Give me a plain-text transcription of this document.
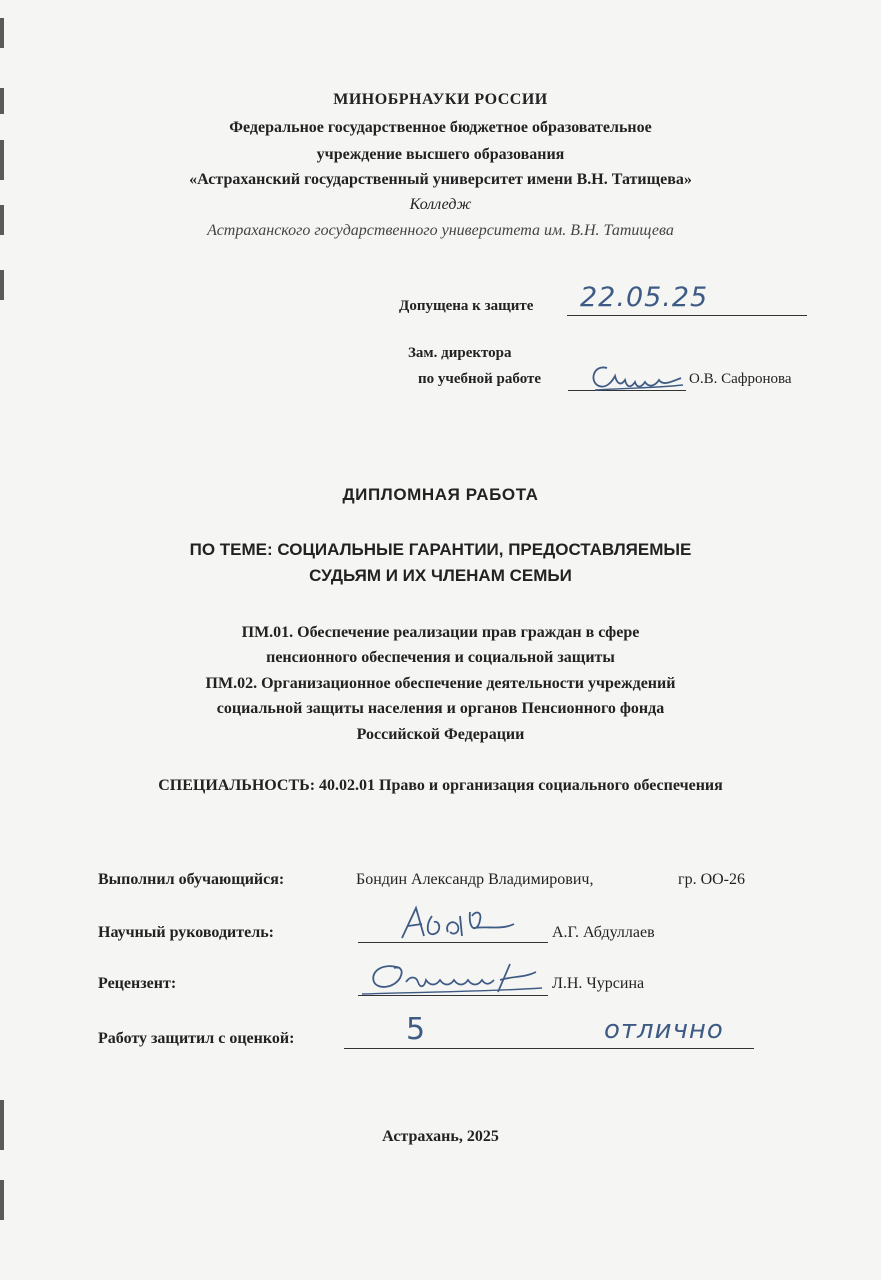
МИНОБРНАУКИ РОССИИ
Федеральное государственное бюджетное образовательное
учреждение высшего образования
«Астраханский государственный университет имени В.Н. Татищева»
Колледж
Астраханского государственного университета им. В.Н. Татищева
Допущена к защите 22.05.25
Зам. директора
по учебной работе	О.В. Сафронова
ДИПЛОМНАЯ РАБОТА
ПО ТЕМЕ: СОЦИАЛЬНЫЕ ГАРАНТИИ, ПРЕДОСТАВЛЯЕМЫЕ
СУДЬЯМ И ИХ ЧЛЕНАМ СЕМЬИ
ПМ.01. Обеспечение реализации прав граждан в сфере
пенсионного обеспечения и социальной защиты
ПМ.02. Организационное обеспечение деятельности учреждений
социальной защиты населения и органов Пенсионного фонда
Российской Федерации
СПЕЦИАЛЬНОСТЬ: 40.02.01 Право и организация социального обеспечения
Выполнил обучающийся:	Бондин Александр Владимирович,	гр. ОО-26
Научный руководитель:	А.Г. Абдуллаев
Рецензент:	Л.Н. Чурсина
Работу защитил с оценкой:	5	отлично
Астрахань, 2025
